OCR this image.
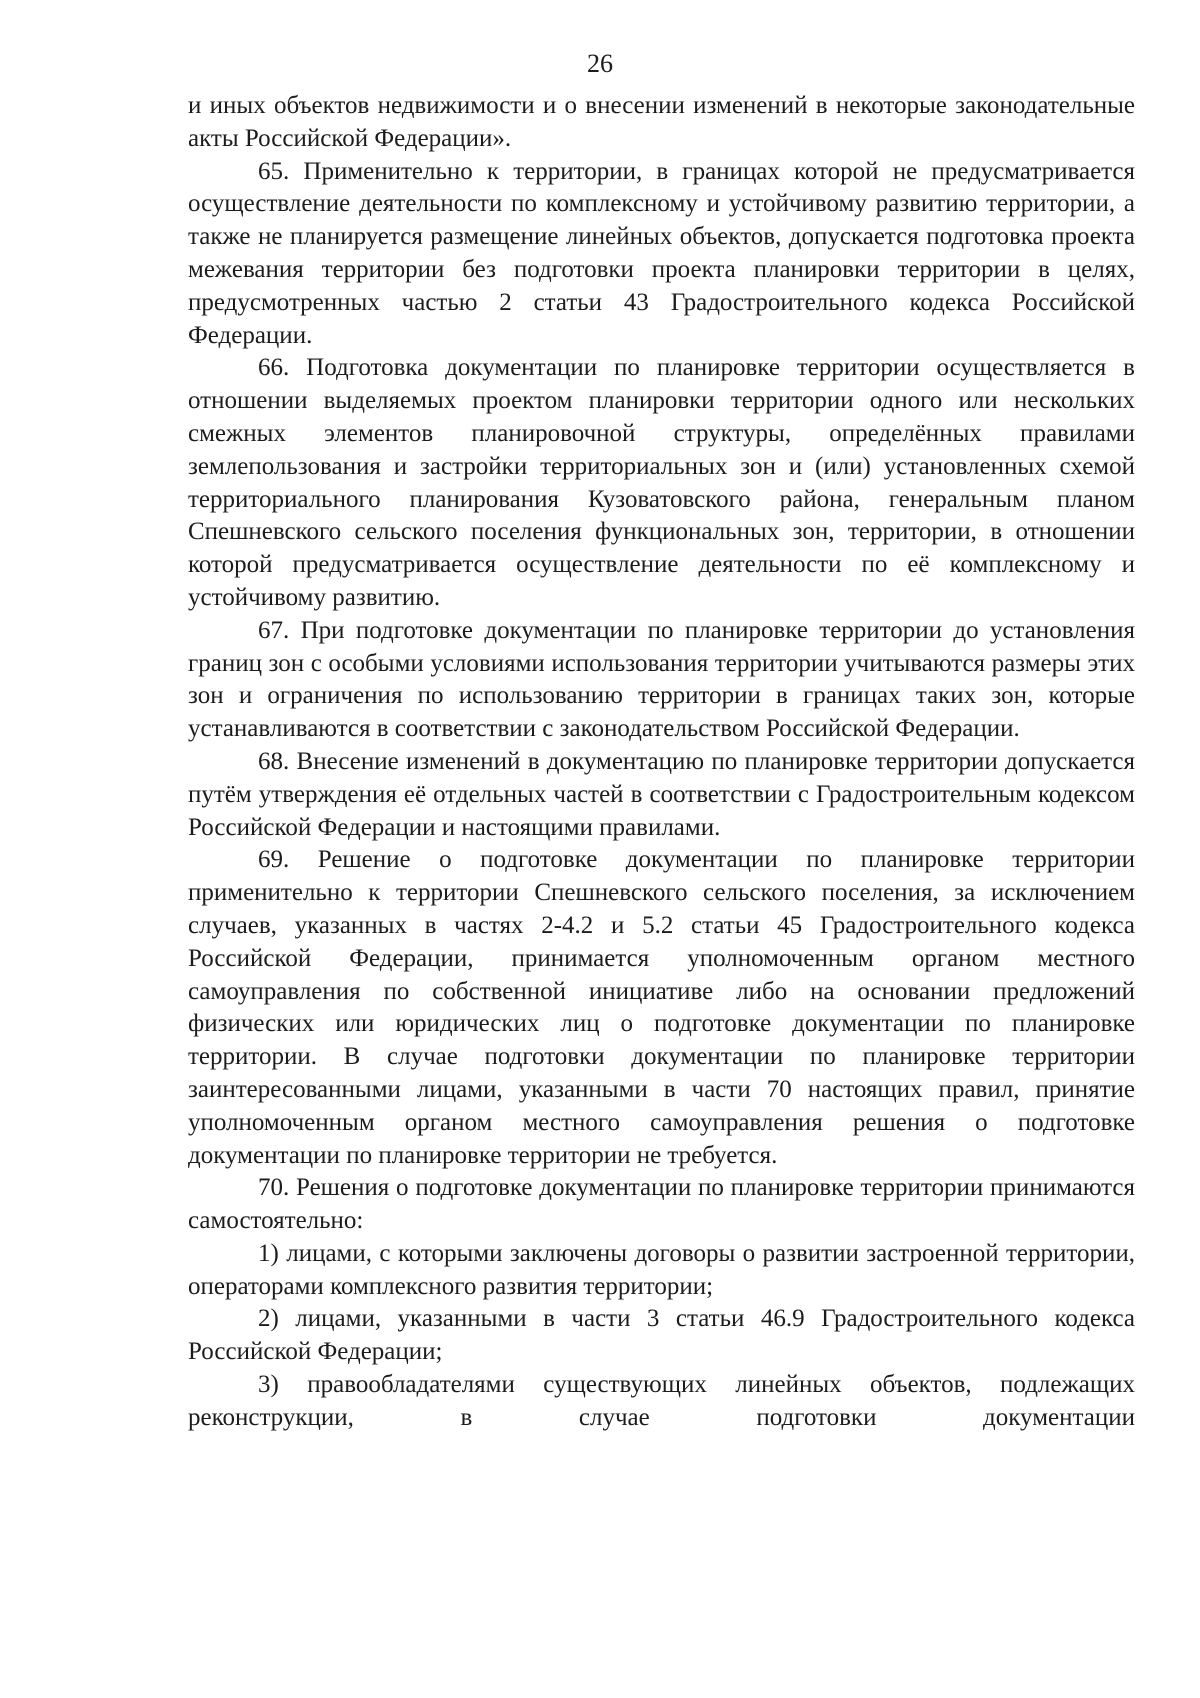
26

и иных объектов недвижимости и о внесении изменений в некоторые законодательные акты Российской Федерации».

65. Применительно к территории, в границах которой не предусматривается осуществление деятельности по комплексному и устойчивому развитию территории, а также не планируется размещение линейных объектов, допускается подготовка проекта межевания территории без подготовки проекта планировки территории в целях, предусмотренных частью 2 статьи 43 Градостроительного кодекса Российской Федерации.

66. Подготовка документации по планировке территории осуществляется в отношении выделяемых проектом планировки территории одного или нескольких смежных элементов планировочной структуры, определённых правилами землепользования и застройки территориальных зон и (или) установленных схемой территориального планирования Кузоватовского района, генеральным планом Спешневского сельского поселения функциональных зон, территории, в отношении которой предусматривается осуществление деятельности по её комплексному и устойчивому развитию.

67. При подготовке документации по планировке территории до установления границ зон с особыми условиями использования территории учитываются размеры этих зон и ограничения по использованию территории в границах таких зон, которые устанавливаются в соответствии с законодательством Российской Федерации.

68. Внесение изменений в документацию по планировке территории допускается путём утверждения её отдельных частей в соответствии с Градостроительным кодексом Российской Федерации и настоящими правилами.

69. Решение о подготовке документации по планировке территории применительно к территории Спешневского сельского поселения, за исключением случаев, указанных в частях 2-4.2 и 5.2 статьи 45 Градостроительного кодекса Российской Федерации, принимается уполномоченным органом местного самоуправления по собственной инициативе либо на основании предложений физических или юридических лиц о подготовке документации по планировке территории. В случае подготовки документации по планировке территории заинтересованными лицами, указанными в части 70 настоящих правил, принятие уполномоченным органом местного самоуправления решения о подготовке документации по планировке территории не требуется.

70. Решения о подготовке документации по планировке территории принимаются самостоятельно:

1) лицами, с которыми заключены договоры о развитии застроенной территории, операторами комплексного развития территории;

2) лицами, указанными в части 3 статьи 46.9 Градостроительного кодекса Российской Федерации;

3) правообладателями существующих линейных объектов, подлежащих реконструкции, в случае подготовки документации
